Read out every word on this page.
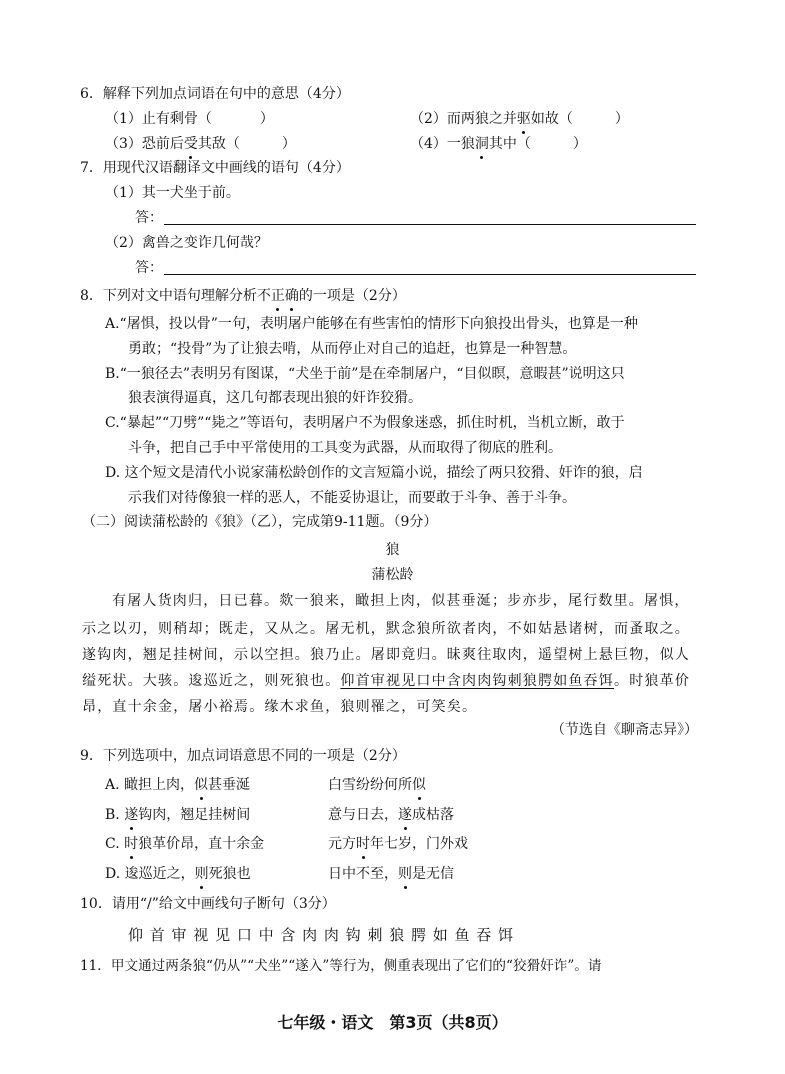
6．解释下列加点词语在句中的意思（4分）
（1）止有剩骨（	）	（2）而两狼之并驱如故（　　　）
（3）恐前后受其敌（　　　）	（4）一狼洞其中（　　　）
7．用现代汉语翻译文中画线的语句（4分）
（1）其一犬坐于前。
答：
（2）禽兽之变诈几何哉？
答：
8．下列对文中语句理解分析不正确的一项是（2分）
A.“屠惧，投以骨”一句，表明屠户能够在有些害怕的情形下向狼投出骨头，也算是一种
勇敢；“投骨”为了让狼去啃，从而停止对自己的追赶，也算是一种智慧。
B.“一狼径去”表明另有图谋，“犬坐于前”是在牵制屠户，“目似瞑，意暇甚”说明这只
狼表演得逼真，这几句都表现出狼的奸诈狡猾。
C.“暴起”“刀劈”“毙之”等语句，表明屠户不为假象迷惑，抓住时机，当机立断，敢于
斗争，把自己手中平常使用的工具变为武器，从而取得了彻底的胜利。
D. 这个短文是清代小说家蒲松龄创作的文言短篇小说，描绘了两只狡猾、奸诈的狼，启
示我们对待像狼一样的恶人，不能妥协退让，而要敢于斗争、善于斗争。
（二）阅读蒲松龄的《狼》（乙），完成第9-11题。（9分）
狼
蒲松龄
有屠人货肉归，日已暮。欻一狼来，瞰担上肉，似甚垂涎；步亦步，尾行数里。屠惧，
示之以刃，则稍却；既走，又从之。屠无机，默念狼所欲者肉，不如姑悬诸树，而蚤取之。
遂钩肉，翘足挂树间，示以空担。狼乃止。屠即竟归。昧爽往取肉，遥望树上悬巨物，似人
缢死状。大骇。逡巡近之，则死狼也。仰首审视见口中含肉肉钩刺狼腭如鱼吞饵。时狼革价
昂，直十余金，屠小裕焉。缘木求鱼，狼则罹之，可笑矣。
（节选自《聊斋志异》）
9．下列选项中，加点词语意思不同的一项是（2分）
A. 瞰担上肉，似甚垂涎	白雪纷纷何所似
B. 遂钩肉，翘足挂树间	意与日去，遂成枯落
C. 时狼革价昂，直十余金	元方时年七岁，门外戏
D. 逡巡近之，则死狼也	日中不至，则是无信
10．请用“/”给文中画线句子断句（3分）
仰 首 审 视 见 口 中 含 肉 肉 钩 刺 狼 腭 如 鱼 吞 饵
11．甲文通过两条狼“仍从”“犬坐”“遂入”等行为，侧重表现出了它们的“狡猾奸诈”。请
七年级・语文　第3页（共8页）
